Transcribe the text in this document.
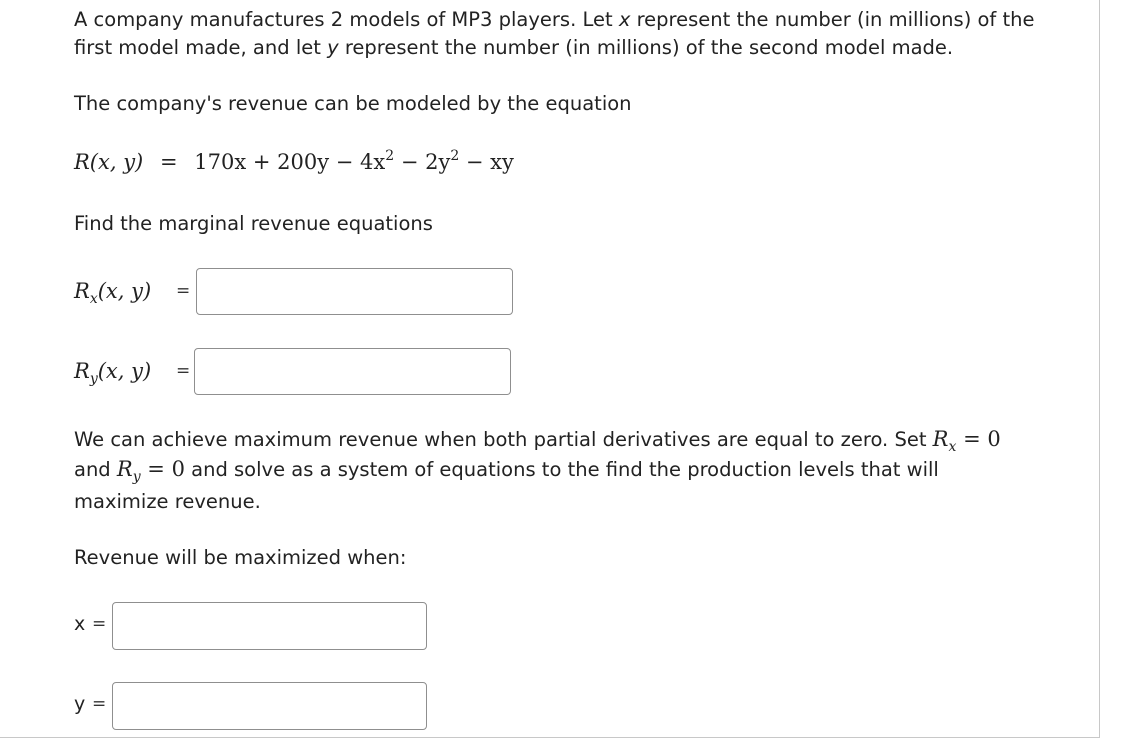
A company manufactures 2 models of MP3 players. Let x represent the number (in millions) of the
first model made, and let y represent the number (in millions) of the second model made.
The company's revenue can be modeled by the equation
R(x, $y) = 170x + 200y - 4x^2 - 2y^2$ − xy
Find the marginal revenue equations
$R_x(x$, y) =
$R_y(x$, y) =
We can achieve maximum revenue when both partial derivatives are equal to zero. Set $R_x = 0$
and $R_y = 0$ and solve as a system of equations to the find the production levels that will
maximize revenue.
Revenue will be maximized when:
x =
y =
